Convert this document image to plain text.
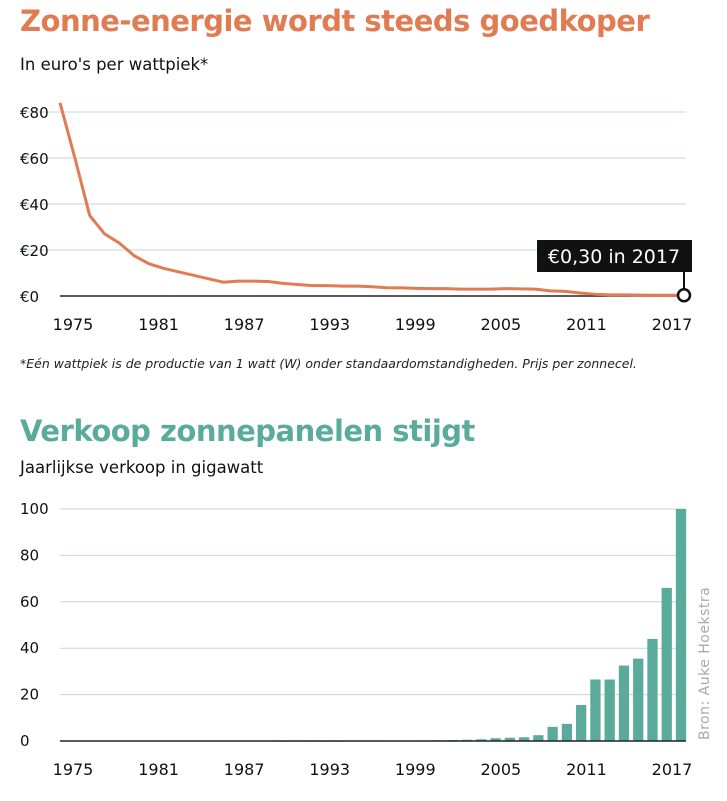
Zonne-energie wordt steeds goedkoper
In euro's per wattpiek*
*Eén wattpiek is de productie van 1 watt (W) onder standaardomstandigheden. Prijs per zonnecel.
Verkoop zonnepanelen stijgt
Jaarlijkse verkoop in gigawatt
Bron: Auke Hoekstra
€0
€20
€40
€60
€80
1975	1981	1987	1993	1999	2005	2011	2017
€0,30 in 2017
0
20
40
60
80
100
1975	1981	1987	1993	1999	2005	2011	2017
